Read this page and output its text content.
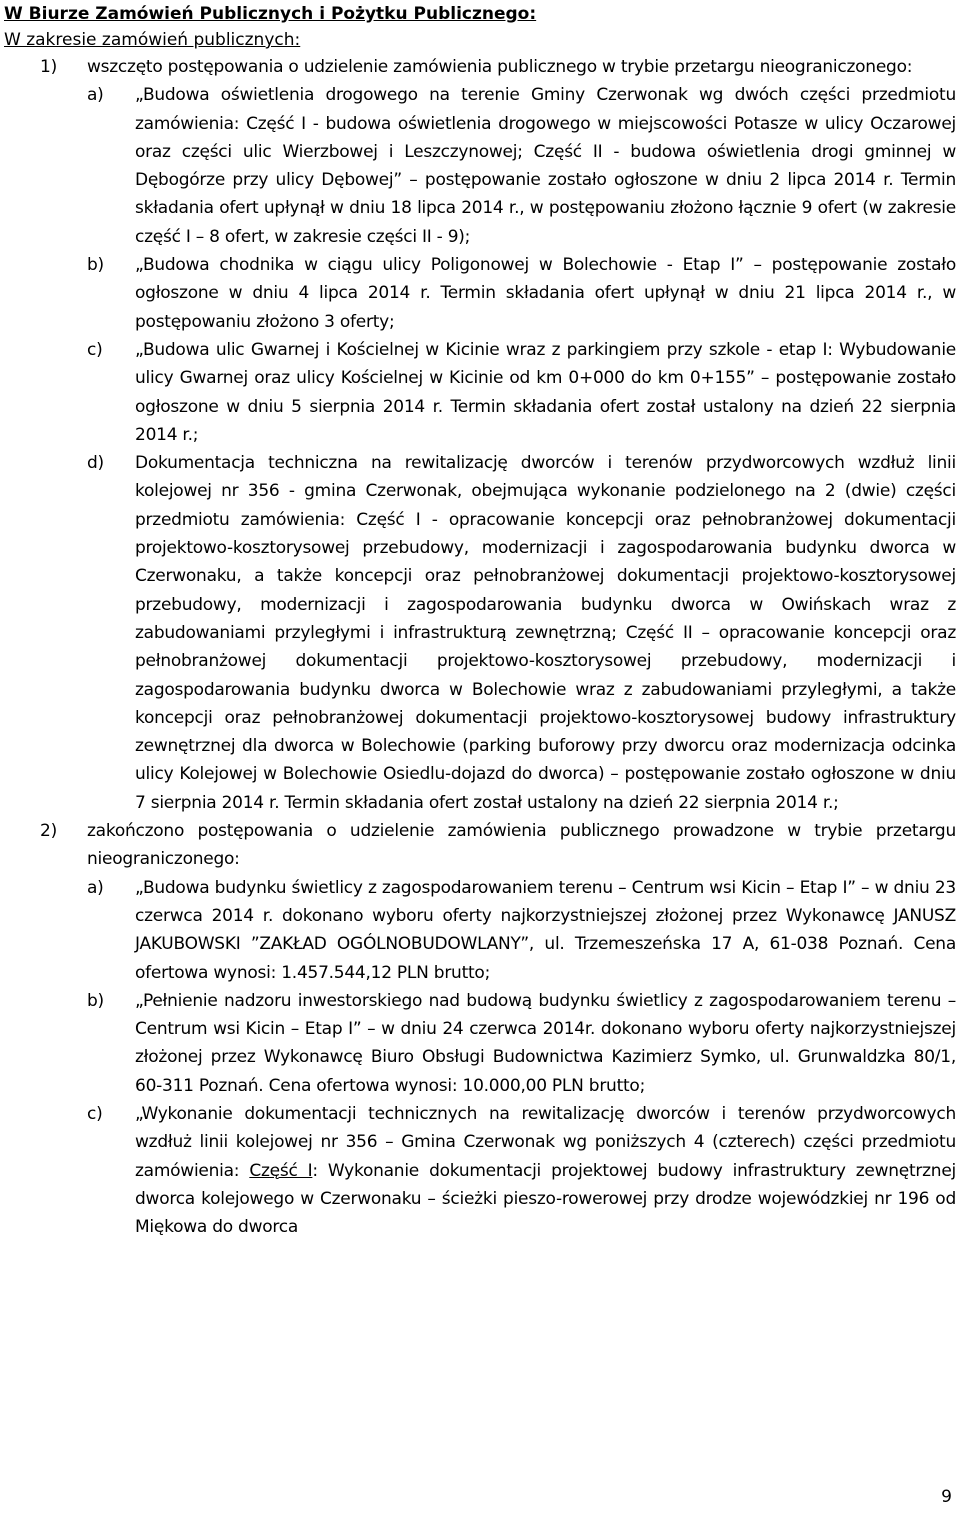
W Biurze Zamówień Publicznych i Pożytku Publicznego:

W zakresie zamówień publicznych:

1) wszczęto postępowania o udzielenie zamówienia publicznego w trybie przetargu nieograniczonego:
a) „Budowa oświetlenia drogowego na terenie Gminy Czerwonak wg dwóch części przedmiotu zamówienia: Część I - budowa oświetlenia drogowego w miejscowości Potasze w ulicy Oczarowej oraz części ulic Wierzbowej i Leszczynowej; Część II - budowa oświetlenia drogi gminnej w Dębogórze przy ulicy Dębowej” – postępowanie zostało ogłoszone w dniu 2 lipca 2014 r. Termin składania ofert upłynął w dniu 18 lipca 2014 r., w postępowaniu złożono łącznie 9 ofert (w zakresie część I – 8 ofert, w zakresie części II - 9);
b) „Budowa chodnika w ciągu ulicy Poligonowej w Bolechowie - Etap I” – postępowanie zostało ogłoszone w dniu 4 lipca 2014 r. Termin składania ofert upłynął w dniu 21 lipca 2014 r., w postępowaniu złożono 3 oferty;
c) „Budowa ulic Gwarnej i Kościelnej w Kicinie wraz z parkingiem przy szkole - etap I: Wybudowanie ulicy Gwarnej oraz ulicy Kościelnej w Kicinie od km 0+000 do km 0+155” – postępowanie zostało ogłoszone w dniu 5 sierpnia 2014 r. Termin składania ofert został ustalony na dzień 22 sierpnia 2014 r.;
d) Dokumentacja techniczna na rewitalizację dworców i terenów przydworcowych wzdłuż linii kolejowej nr 356 - gmina Czerwonak, obejmująca wykonanie podzielonego na 2 (dwie) części przedmiotu zamówienia: Część I - opracowanie koncepcji oraz pełnobranżowej dokumentacji projektowo-kosztorysowej przebudowy, modernizacji i zagospodarowania budynku dworca w Czerwonaku, a także koncepcji oraz pełnobranżowej dokumentacji projektowo-kosztorysowej przebudowy, modernizacji i zagospodarowania budynku dworca w Owińskach wraz z zabudowaniami przyległymi i infrastrukturą zewnętrzną; Część II – opracowanie koncepcji oraz pełnobranżowej dokumentacji projektowo-kosztorysowej przebudowy, modernizacji i zagospodarowania budynku dworca w Bolechowie wraz z zabudowaniami przyległymi, a także koncepcji oraz pełnobranżowej dokumentacji projektowo-kosztorysowej budowy infrastruktury zewnętrznej dla dworca w Bolechowie (parking buforowy przy dworcu oraz modernizacja odcinka ulicy Kolejowej w Bolechowie Osiedlu-dojazd do dworca) – postępowanie zostało ogłoszone w dniu 7 sierpnia 2014 r. Termin składania ofert został ustalony na dzień 22 sierpnia 2014 r.;
2) zakończono postępowania o udzielenie zamówienia publicznego prowadzone w trybie przetargu nieograniczonego:
a) „Budowa budynku świetlicy z zagospodarowaniem terenu – Centrum wsi Kicin – Etap I” – w dniu 23 czerwca 2014 r. dokonano wyboru oferty najkorzystniejszej złożonej przez Wykonawcę JANUSZ JAKUBOWSKI ”ZAKŁAD OGÓLNOBUDOWLANY”, ul. Trzemeszeńska 17 A, 61-038 Poznań. Cena ofertowa wynosi: 1.457.544,12 PLN brutto;
b) „Pełnienie nadzoru inwestorskiego nad budową budynku świetlicy z zagospodarowaniem terenu – Centrum wsi Kicin – Etap I” – w dniu 24 czerwca 2014r. dokonano wyboru oferty najkorzystniejszej złożonej przez Wykonawcę Biuro Obsługi Budownictwa Kazimierz Symko, ul. Grunwaldzka 80/1, 60-311 Poznań. Cena ofertowa wynosi: 10.000,00 PLN brutto;
c) „Wykonanie dokumentacji technicznych na rewitalizację dworców i terenów przydworcowych wzdłuż linii kolejowej nr 356 – Gmina Czerwonak wg poniższych 4 (czterech) części przedmiotu zamówienia: Część I: Wykonanie dokumentacji projektowej budowy infrastruktury zewnętrznej dworca kolejowego w Czerwonaku – ścieżki pieszo-rowerowej przy drodze wojewódzkiej nr 196 od Miękowa do dworca
9
